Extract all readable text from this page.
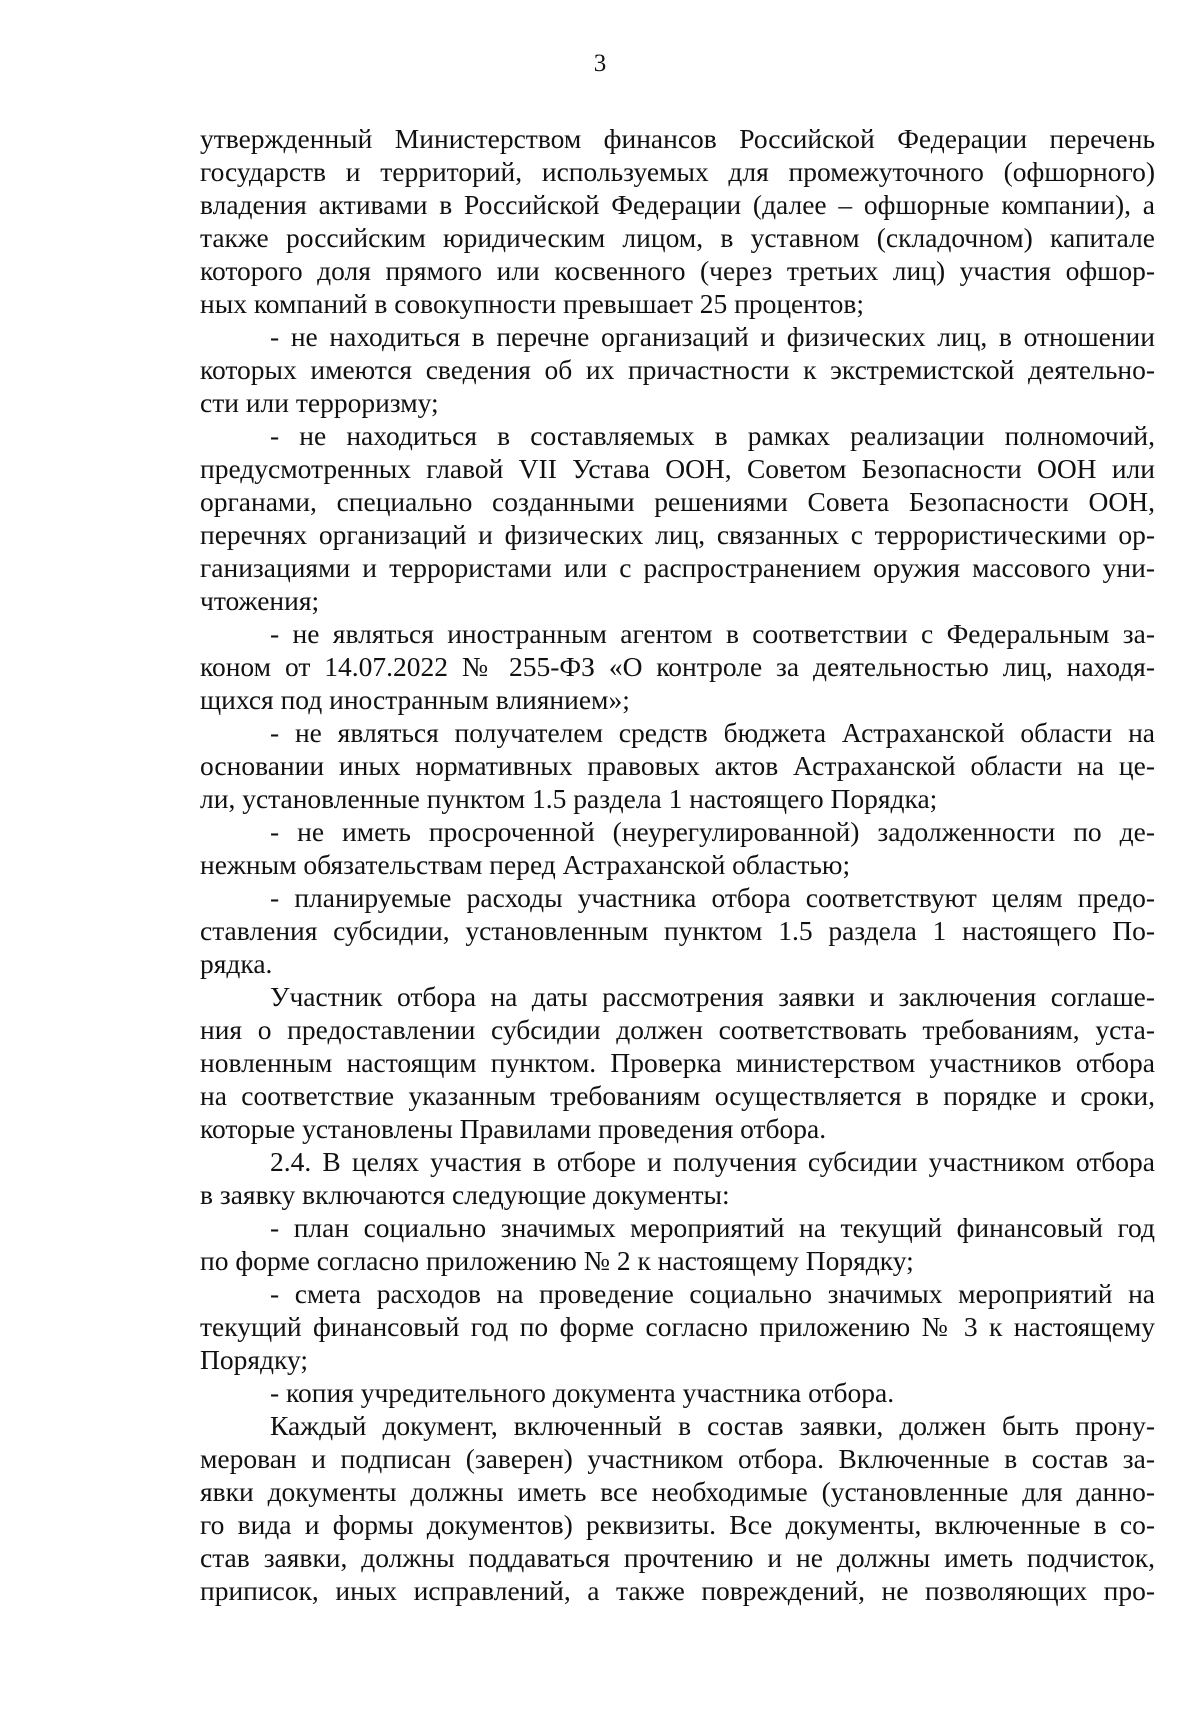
3
утвержденный Министерством финансов Российской Федерации перечень
государств и территорий, используемых для промежуточного (офшорного)
владения активами в Российской Федерации (далее – офшорные компании), а
также российским юридическим лицом, в уставном (складочном) капитале
которого доля прямого или косвенного (через третьих лиц) участия офшор-
ных компаний в совокупности превышает 25 процентов;
- не находиться в перечне организаций и физических лиц, в отношении
которых имеются сведения об их причастности к экстремистской деятельно-
сти или терроризму;
- не находиться в составляемых в рамках реализации полномочий,
предусмотренных главой VII Устава ООН, Советом Безопасности ООН или
органами, специально созданными решениями Совета Безопасности ООН,
перечнях организаций и физических лиц, связанных с террористическими ор-
ганизациями и террористами или с распространением оружия массового уни-
чтожения;
- не являться иностранным агентом в соответствии с Федеральным за-
коном от 14.07.2022 № 255-ФЗ «О контроле за деятельностью лиц, находя-
щихся под иностранным влиянием»;
- не являться получателем средств бюджета Астраханской области на
основании иных нормативных правовых актов Астраханской области на це-
ли, установленные пунктом 1.5 раздела 1 настоящего Порядка;
- не иметь просроченной (неурегулированной) задолженности по де-
нежным обязательствам перед Астраханской областью;
- планируемые расходы участника отбора соответствуют целям предо-
ставления субсидии, установленным пунктом 1.5 раздела 1 настоящего По-
рядка.
Участник отбора на даты рассмотрения заявки и заключения соглаше-
ния о предоставлении субсидии должен соответствовать требованиям, уста-
новленным настоящим пунктом. Проверка министерством участников отбора
на соответствие указанным требованиям осуществляется в порядке и сроки,
которые установлены Правилами проведения отбора.
2.4. В целях участия в отборе и получения субсидии участником отбора
в заявку включаются следующие документы:
- план социально значимых мероприятий на текущий финансовый год
по форме согласно приложению № 2 к настоящему Порядку;
- смета расходов на проведение социально значимых мероприятий на
текущий финансовый год по форме согласно приложению № 3 к настоящему
Порядку;
- копия учредительного документа участника отбора.
Каждый документ, включенный в состав заявки, должен быть прону-
мерован и подписан (заверен) участником отбора. Включенные в состав за-
явки документы должны иметь все необходимые (установленные для данно-
го вида и формы документов) реквизиты. Все документы, включенные в со-
став заявки, должны поддаваться прочтению и не должны иметь подчисток,
приписок, иных исправлений, а также повреждений, не позволяющих про-
